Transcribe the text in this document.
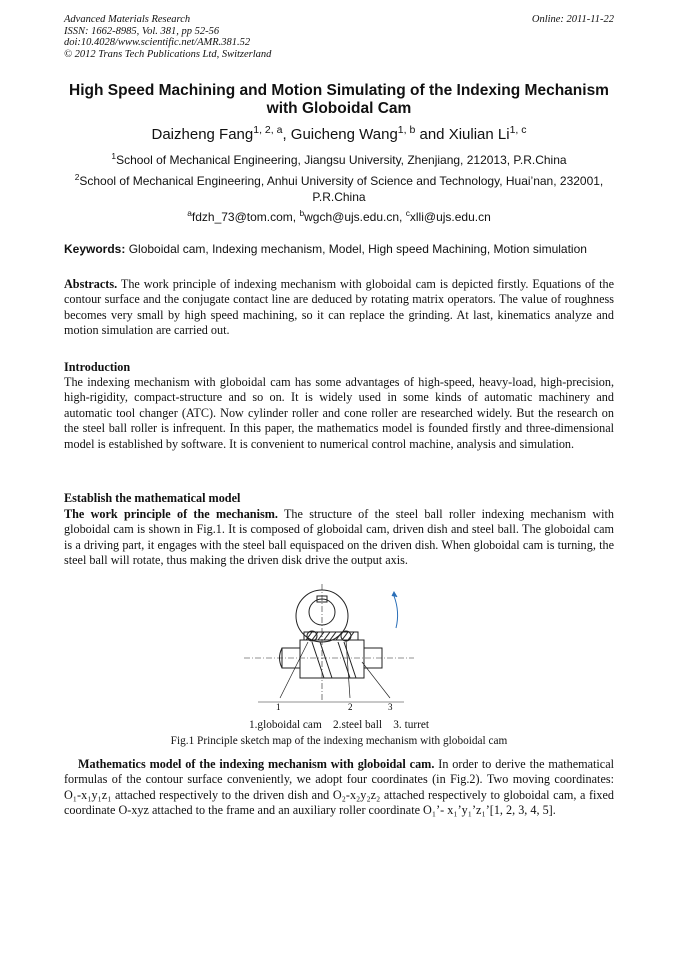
Advanced Materials Research
ISSN: 1662-8985, Vol. 381, pp 52-56
doi:10.4028/www.scientific.net/AMR.381.52
© 2012 Trans Tech Publications Ltd, Switzerland
Online: 2011-11-22
High Speed Machining and Motion Simulating of the Indexing Mechanism with Globoidal Cam
Daizheng Fang$^{1, 2, a}$, Guicheng Wang$^{1, b}$ and Xiulian Li$^{1, c}$
$^1$School of Mechanical Engineering, Jiangsu University, Zhenjiang, 212013, P.R.China
$^2$School of Mechanical Engineering, Anhui University of Science and Technology, Huai’nan, 232001, P.R.China
$^a$fdzh_73@tom.com, $^b$wgch@ujs.edu.cn, $^c$xlli@ujs.edu.cn
Keywords: Globoidal cam, Indexing mechanism, Model, High speed Machining, Motion simulation
Abstracts. The work principle of indexing mechanism with globoidal cam is depicted firstly. Equations of the contour surface and the conjugate contact line are deduced by rotating matrix operators. The value of roughness becomes very small by high speed machining, so it can replace the grinding. At last, kinematics analyze and motion simulation are carried out.
Introduction
The indexing mechanism with globoidal cam has some advantages of high-speed, heavy-load, high-precision, high-rigidity, compact-structure and so on. It is widely used in some kinds of automatic machinery and automatic tool changer (ATC). Now cylinder roller and cone roller are researched widely. But the research on the steel ball roller is infrequent. In this paper, the mathematics model is founded firstly and three-dimensional model is established by software. It is convenient to numerical control machine, analysis and simulation.
Establish the mathematical model
The work principle of the mechanism. The structure of the steel ball roller indexing mechanism with globoidal cam is shown in Fig.1. It is composed of globoidal cam, driven dish and steel ball. The globoidal cam is a driving part, it engages with the steel ball equispaced on the driven dish. When globoidal cam is turning, the steel ball will rotate, thus making the driven disk drive the output axis.
1	2	3
1.globoidal cam    2.steel ball    3. turret
Fig.1 Principle sketch map of the indexing mechanism with globoidal cam
Mathematics model of the indexing mechanism with globoidal cam. In order to derive the mathematical formulas of the contour surface conveniently, we adopt four coordinates (in Fig.2). Two moving coordinates: O₁-x₁y₁z₁ attached respectively to the driven dish and O₂-x₂y₂z₂ attached respectively to globoidal cam, a fixed coordinate O-xyz attached to the frame and an auxiliary roller coordinate O₁’- x₁’y₁’z₁’[1, 2, 3, 4, 5].
